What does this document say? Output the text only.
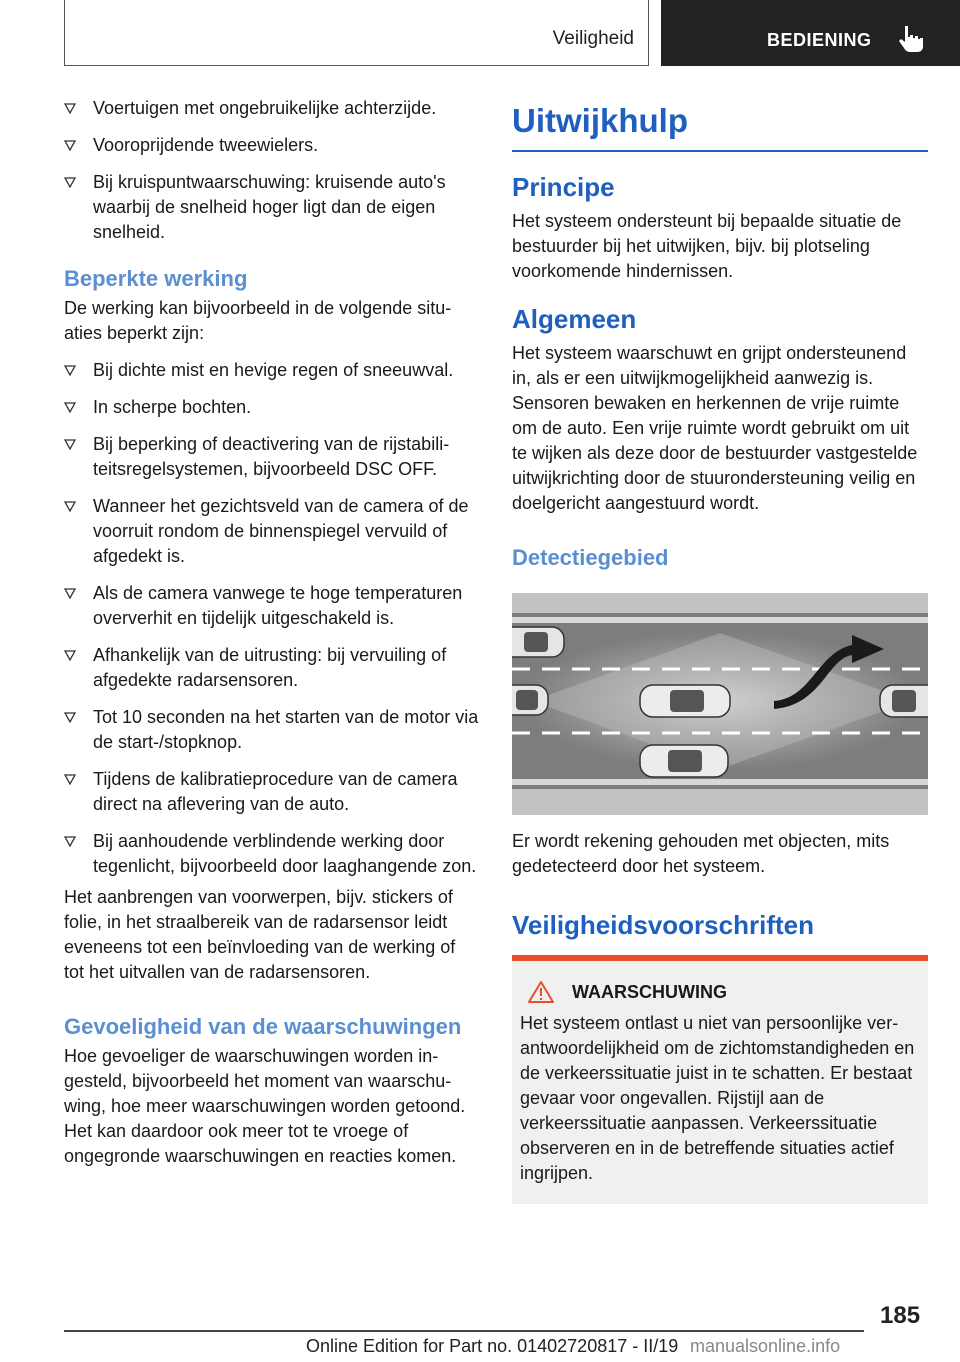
Veiligheid	BEDIENING
Voertuigen met ongebruikelijke achterzijde.
Vooroprijdende tweewielers.
Bij kruispuntwaarschuwing: kruisende auto's waarbij de snelheid hoger ligt dan de eigen snelheid.
Beperkte werking

De werking kan bijvoorbeeld in de volgende situaties beperkt zijn:

Bij dichte mist en hevige regen of sneeuwval.
In scherpe bochten.
Bij beperking of deactivering van de rijstabiliteitsregelsystemen, bijvoorbeeld DSC OFF.
Wanneer het gezichtsveld van de camera of de voorruit rondom de binnenspiegel vervuild of afgedekt is.
Als de camera vanwege te hoge temperaturen oververhit en tijdelijk uitgeschakeld is.
Afhankelijk van de uitrusting: bij vervuiling of afgedekte radarsensoren.
Tot 10 seconden na het starten van de motor via de start-/stopknop.
Tijdens de kalibratieprocedure van de camera direct na aflevering van de auto.
Bij aanhoudende verblindende werking door tegenlicht, bijvoorbeeld door laaghangende zon.

Het aanbrengen van voorwerpen, bijv. stickers of folie, in het straalbereik van de radarsensor leidt eveneens tot een beïnvloeding van de werking of tot het uitvallen van de radarsensoren.

Gevoeligheid van de waarschuwingen

Hoe gevoeliger de waarschuwingen worden ingesteld, bijvoorbeeld het moment van waarschuwing, hoe meer waarschuwingen worden getoond. Het kan daardoor ook meer tot te vroege of ongegronde waarschuwingen en reacties komen.

Uitwijkhulp
Principe

Het systeem ondersteunt bij bepaalde situatie de bestuurder bij het uitwijken, bijv. bij plotseling voorkomende hindernissen.

Algemeen

Het systeem waarschuwt en grijpt ondersteunend in, als er een uitwijkmogelijkheid aanwezig is. Sensoren bewaken en herkennen de vrije ruimte om de auto. Een vrije ruimte wordt gebruikt om uit te wijken als deze door de bestuurder vastgestelde uitwijkrichting door de stuurondersteuning veilig en doelgericht aangestuurd wordt.

Detectiegebied

Er wordt rekening gehouden met objecten, mits gedetecteerd door het systeem.

Veiligheidsvoorschriften
WAARSCHUWING

Het systeem ontlast u niet van persoonlijke verantwoordelijkheid om de zichtomstandigheden en de verkeerssituatie juist in te schatten. Er bestaat gevaar voor ongevallen. Rijstijl aan de verkeerssituatie aanpassen. Verkeerssituatie observeren en in de betreffende situaties actief ingrijpen.

185
Online Edition for Part no. 01402720817 - II/19 manualsonline.info
